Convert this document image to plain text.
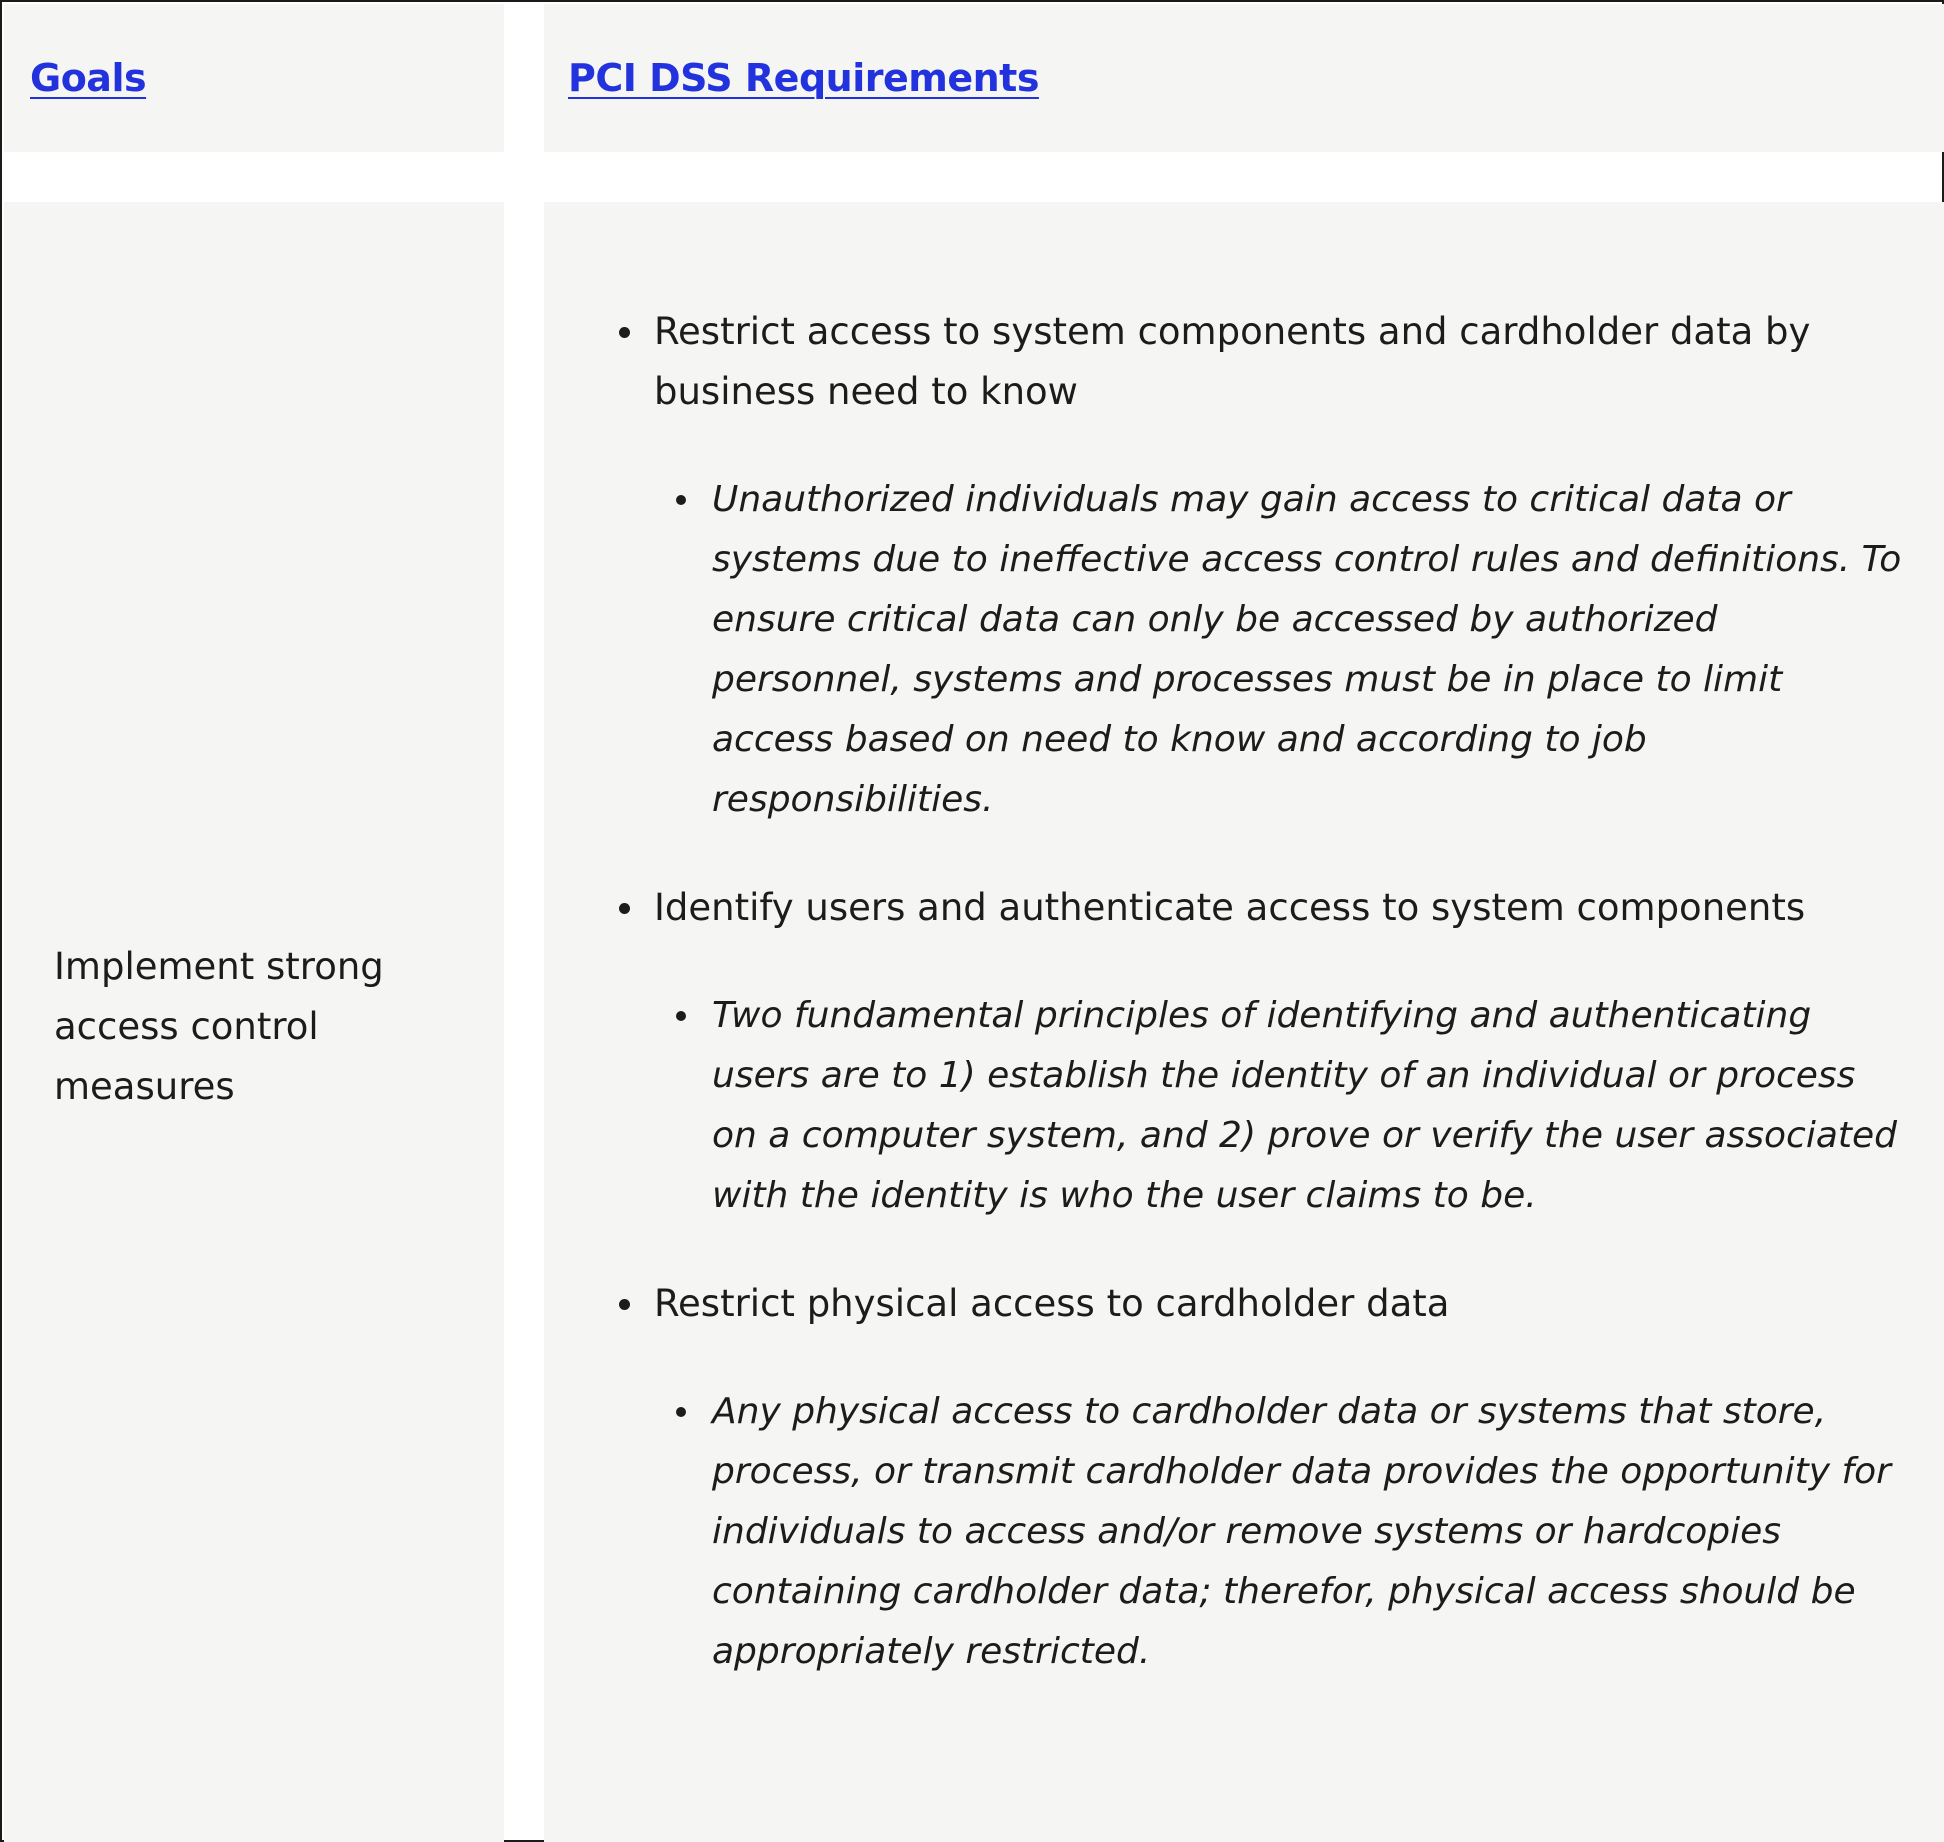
Goals	PCI DSS Requirements
Implement strong access control measures
Restrict access to system components and cardholder data by business need to know
Unauthorized individuals may gain access to critical data or systems due to ineffective access control rules and definitions. To ensure critical data can only be accessed by authorized personnel, systems and processes must be in place to limit access based on need to know and according to job responsibilities.
Identify users and authenticate access to system components
Two fundamental principles of identifying and authenticating users are to 1) establish the identity of an individual or process on a computer system, and 2) prove or verify the user associated with the identity is who the user claims to be.
Restrict physical access to cardholder data
Any physical access to cardholder data or systems that store, process, or transmit cardholder data provides the opportunity for individuals to access and/or remove systems or hardcopies containing cardholder data; therefor, physical access should be appropriately restricted.
